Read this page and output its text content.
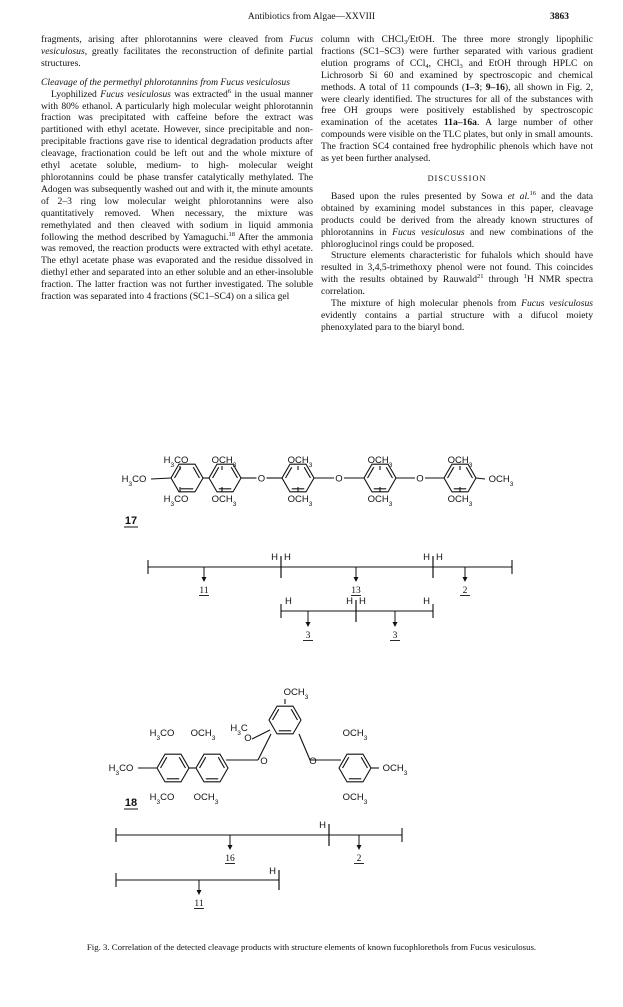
Antibiotics from Algae—XXVIII	3863

fragments, arising after phlorotannins were cleaved from Fucus vesiculosus, greatly facilitates the reconstruction of definite partial structures.

Cleavage of the permethyl phlorotannins from Fucus vesiculosus

Lyophilized Fucus vesiculosus was extracted$^6$ in the usual manner with 80% ethanol. A particularly high molecular weight phlorotannin fraction was precipitated with caffeine before the extract was partitioned with ethyl acetate. However, since precipitable and non-precipitable fractions gave rise to identical degradation products after cleavage, fractionation could be left out and the whole mixture of ethyl acetate soluble, medium- to high- molecular weight phlorotannins could be phase transfer catalytically methylated. The Adogen was subsequently washed out and with it, the minute amounts of 2–3 ring low molecular weight phlorotannins were also quantitatively removed. When necessary, the mixture was remethylated and then cleaved with sodium in liquid ammonia following the method described by Yamaguchi.$^{18}$ After the ammonia was removed, the reaction products were extracted with ethyl acetate. The ethyl acetate phase was evaporated and the residue dissolved in diethyl ether and separated into an ether soluble and an ether-insoluble fraction. The latter fraction was not further investigated. The soluble fraction was separated into 4 fractions (SC1–SC4) on a silica gel

column with CHCl$_3$/EtOH. The three more strongly lipophilic fractions (SC1–SC3) were further separated with various gradient elution programs of CCl$_4$, CHCl$_3$ and EtOH through HPLC on Lichrosorb Si 60 and examined by spectroscopic and chemical methods. A total of 11 compounds (1–3; 9–16), all shown in Fig. 2, were clearly identified. The structures for all of the substances with free OH groups were positively established by spectroscopic examination of the acetates 11a–16a. A large number of other compounds were visible on the TLC plates, but only in small amounts. The fraction SC4 contained free hydrophilic phenols which have not as yet been further analysed.

DISCUSSION

Based upon the rules presented by Sowa et al.$^{16}$ and the data obtained by examining model substances in this paper, cleavage products could be derived from the already known structures of phlorotannins in Fucus vesiculosus and new combinations of the phloroglucinol rings could be proposed.

Structure elements characteristic for fuhalols which should have resulted in 3,4,5-trimethoxy phenol were not found. This coincides with the results obtained by Rauwald$^{21}$ through $^1$H NMR spectra correlation.

The mixture of high molecular phenols from Fucus vesiculosus evidently contains a partial structure with a difucol moiety phenoxylated para to the biaryl bond.

O	O	O
$H_3CO$ $OCH_3$	$OCH_3$	$OCH_3$	$OCH_3$
$H_3CO$ $OCH_3$	$OCH_3$	$OCH_3$	$OCH_3$
$H_3CO$	$OCH_3$
17
H H	H H
11	13	2
H	H H	H
3	3
O	O
$OCH_3$
$H_3CO$ $OCH_3$
$H_3C$
O	$OCH_3$
$H_3CO$	$OCH_3$
$H_3CO$ $OCH_3$	$OCH_3$
18
H
16	2
H
11
Fig. 3. Correlation of the detected cleavage products with structure elements of known fucophlorethols from Fucus vesiculosus.
